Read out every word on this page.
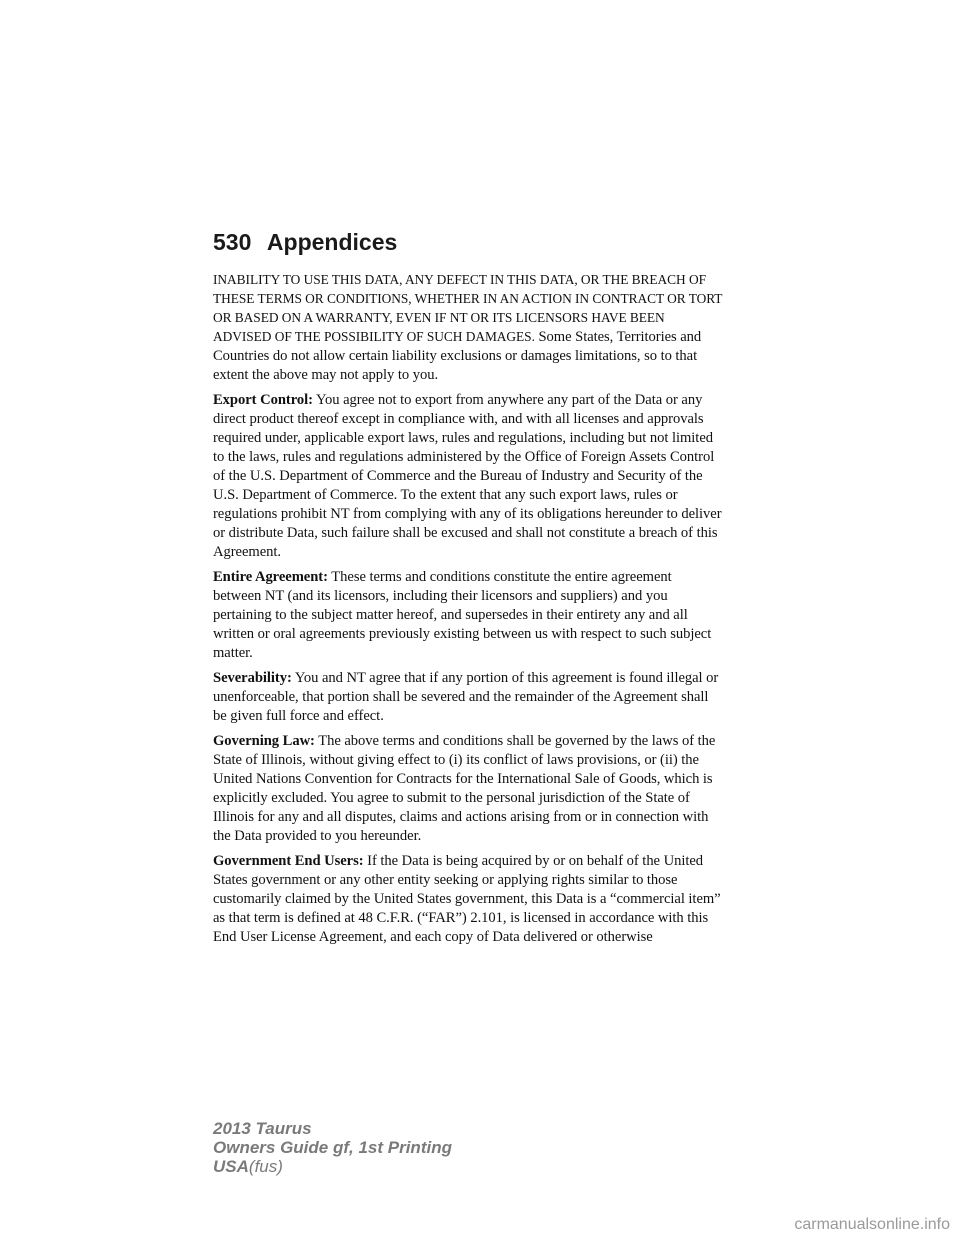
530 Appendices

INABILITY TO USE THIS DATA, ANY DEFECT IN THIS DATA, OR THE BREACH OF THESE TERMS OR CONDITIONS, WHETHER IN AN ACTION IN CONTRACT OR TORT OR BASED ON A WARRANTY, EVEN IF NT OR ITS LICENSORS HAVE BEEN ADVISED OF THE POSSIBILITY OF SUCH DAMAGES. Some States, Territories and Countries do not allow certain liability exclusions or damages limitations, so to that extent the above may not apply to you.

Export Control: You agree not to export from anywhere any part of the Data or any direct product thereof except in compliance with, and with all licenses and approvals required under, applicable export laws, rules and regulations, including but not limited to the laws, rules and regulations administered by the Office of Foreign Assets Control of the U.S. Department of Commerce and the Bureau of Industry and Security of the U.S. Department of Commerce. To the extent that any such export laws, rules or regulations prohibit NT from complying with any of its obligations hereunder to deliver or distribute Data, such failure shall be excused and shall not constitute a breach of this Agreement.

Entire Agreement: These terms and conditions constitute the entire agreement between NT (and its licensors, including their licensors and suppliers) and you pertaining to the subject matter hereof, and supersedes in their entirety any and all written or oral agreements previously existing between us with respect to such subject matter.

Severability: You and NT agree that if any portion of this agreement is found illegal or unenforceable, that portion shall be severed and the remainder of the Agreement shall be given full force and effect.

Governing Law: The above terms and conditions shall be governed by the laws of the State of Illinois, without giving effect to (i) its conflict of laws provisions, or (ii) the United Nations Convention for Contracts for the International Sale of Goods, which is explicitly excluded. You agree to submit to the personal jurisdiction of the State of Illinois for any and all disputes, claims and actions arising from or in connection with the Data provided to you hereunder.

Government End Users: If the Data is being acquired by or on behalf of the United States government or any other entity seeking or applying rights similar to those customarily claimed by the United States government, this Data is a “commercial item” as that term is defined at 48 C.F.R. (“FAR”) 2.101, is licensed in accordance with this End User License Agreement, and each copy of Data delivered or otherwise

2013 Taurus
Owners Guide gf, 1st Printing
USA(fus)
carmanualsonline.info
